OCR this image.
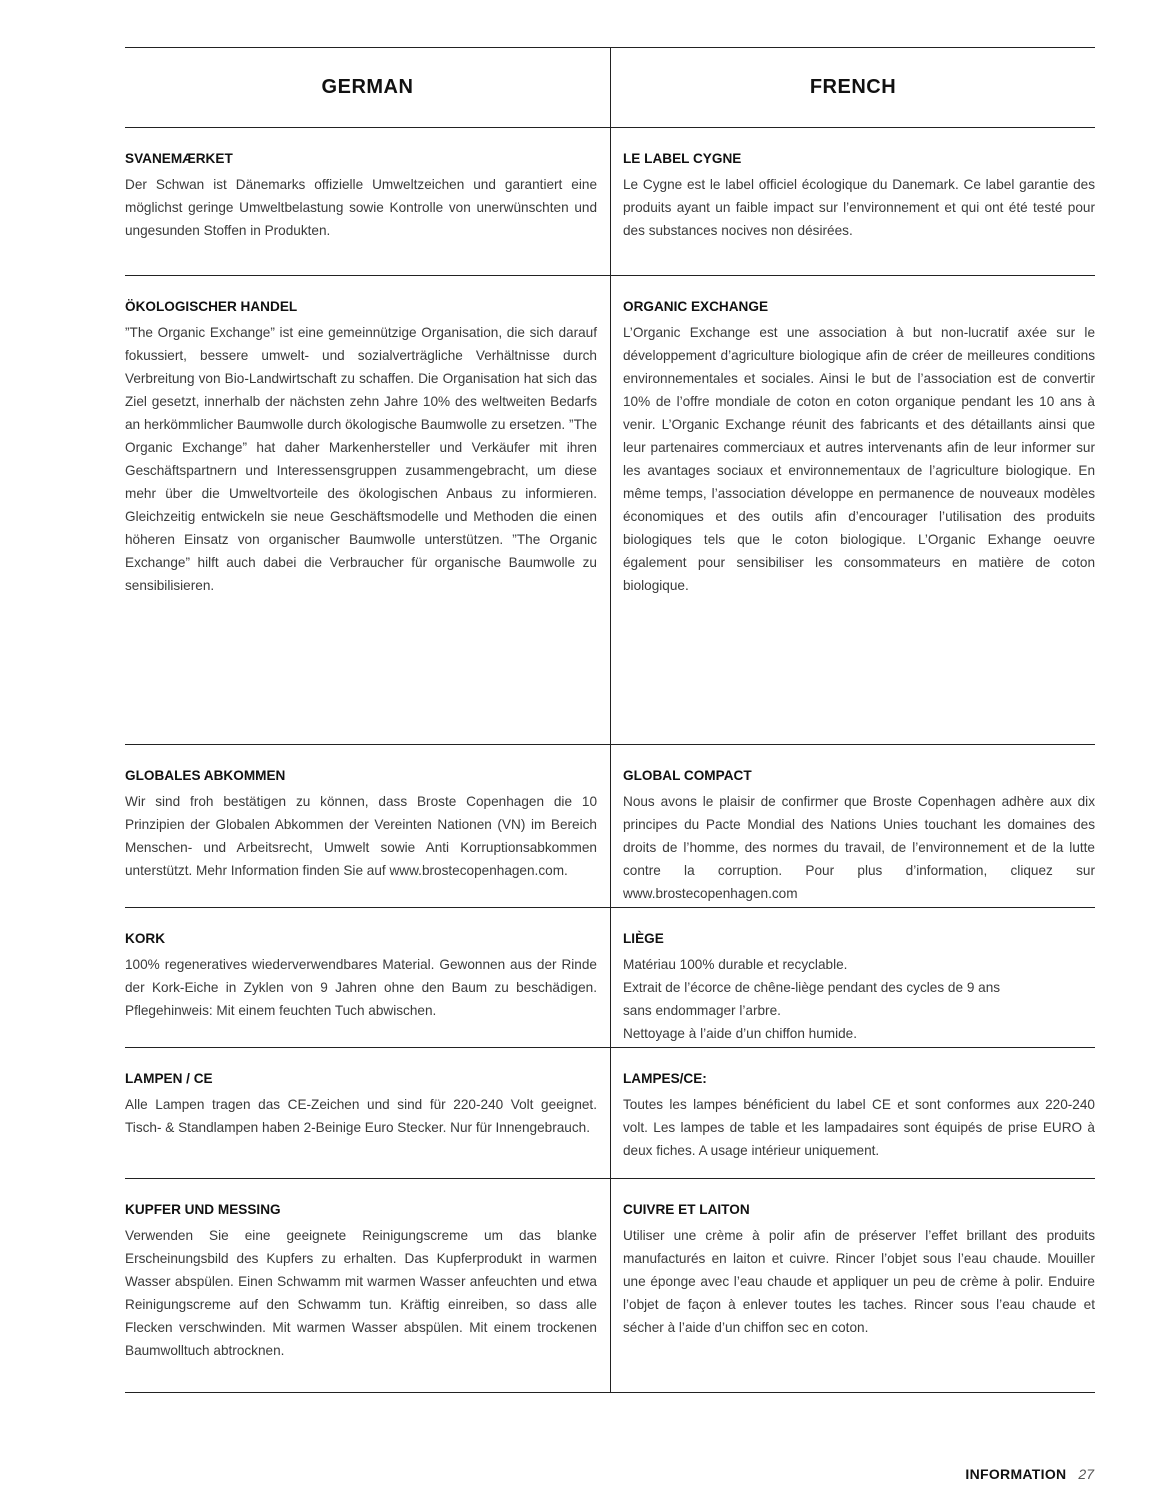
GERMAN	FRENCH
SVANEMÆRKET
Der Schwan ist Dänemarks offizielle Umweltzeichen und garantiert eine möglichst geringe Umweltbelastung sowie Kontrolle von unerwünschten und ungesunden Stoffen in Produkten.
LE LABEL CYGNE
Le Cygne est le label officiel écologique du Danemark. Ce label garantie des produits ayant un faible impact sur l’environnement et qui ont été testé pour des substances nocives non désirées.
ÖKOLOGISCHER HANDEL
”The Organic Exchange” ist eine gemeinnützige Organisation, die sich darauf fokussiert, bessere umwelt- und sozialverträgliche Verhältnisse durch Verbreitung von Bio-Landwirtschaft zu schaffen. Die Organisation hat sich das Ziel gesetzt, innerhalb der nächsten zehn Jahre 10% des weltweiten Bedarfs an herkömmlicher Baumwolle durch ökologische Baumwolle zu ersetzen. ”The Organic Exchange” hat daher Markenhersteller und Verkäufer mit ihren Geschäftspartnern und Interessensgruppen zusammengebracht, um diese mehr über die Umweltvorteile des ökologischen Anbaus zu informieren. Gleichzeitig entwickeln sie neue Geschäftsmodelle und Methoden die einen höheren Einsatz von organischer Baumwolle unterstützen. ”The Organic Exchange” hilft auch dabei die Verbraucher für organische Baumwolle zu sensibilisieren.
ORGANIC EXCHANGE
L’Organic Exchange est une association à but non-lucratif axée sur le développement d’agriculture biologique afin de créer de meilleures conditions environnementales et sociales. Ainsi le but de l’association est de convertir 10% de l’offre mondiale de coton en coton organique pendant les 10 ans à venir. L’Organic Exchange réunit des fabricants et des détaillants ainsi que leur partenaires commerciaux et autres intervenants afin de leur informer sur les avantages sociaux et environnementaux de l’agriculture biologique. En même temps, l’association développe en permanence de nouveaux modèles économiques et des outils afin d’encourager l’utilisation des produits biologiques tels que le coton biologique. L’Organic Exhange oeuvre également pour sensibiliser les consommateurs en matière de coton biologique.
GLOBALES ABKOMMEN
Wir sind froh bestätigen zu können, dass Broste Copenhagen die 10 Prinzipien der Globalen Abkommen der Vereinten Nationen (VN) im Bereich Menschen- und Arbeitsrecht, Umwelt sowie Anti Korruptionsabkommen unterstützt. Mehr Information finden Sie auf www.brostecopenhagen.com.
GLOBAL COMPACT
Nous avons le plaisir de confirmer que Broste Copenhagen adhère aux dix principes du Pacte Mondial des Nations Unies touchant les domaines des droits de l’homme, des normes du travail, de l’environnement et de la lutte contre la corruption. Pour plus d’information, cliquez sur www.brostecopenhagen.com
KORK
100% regeneratives wiederverwendbares Material. Gewonnen aus der Rinde der Kork-Eiche in Zyklen von 9 Jahren ohne den Baum zu beschädigen. Pflegehinweis: Mit einem feuchten Tuch abwischen.
LIÈGE
Matériau 100% durable et recyclable.
Extrait de l’écorce de chêne-liège pendant des cycles de 9 ans
sans endommager l’arbre.
Nettoyage à l’aide d’un chiffon humide.
LAMPEN / CE
Alle Lampen tragen das CE-Zeichen und sind für 220-240 Volt geeignet. Tisch- & Standlampen haben 2-Beinige Euro Stecker. Nur für Innengebrauch.
LAMPES/CE:
Toutes les lampes bénéficient du label CE et sont conformes aux 220-240 volt. Les lampes de table et les lampadaires sont équipés de prise EURO à deux fiches. A usage intérieur uniquement.
KUPFER UND MESSING
Verwenden Sie eine geeignete Reinigungscreme um das blanke Erscheinungsbild des Kupfers zu erhalten. Das Kupferprodukt in warmen Wasser abspülen. Einen Schwamm mit warmen Wasser anfeuchten und etwa Reinigungscreme auf den Schwamm tun. Kräftig einreiben, so dass alle Flecken verschwinden. Mit warmen Wasser abspülen. Mit einem trockenen Baumwolltuch abtrocknen.
CUIVRE ET LAITON
Utiliser une crème à polir afin de préserver l’effet brillant des produits manufacturés en laiton et cuivre. Rincer l’objet sous l’eau chaude. Mouiller une éponge avec l’eau chaude et appliquer un peu de crème à polir. Enduire l’objet de façon à enlever toutes les taches. Rincer sous l’eau chaude et sécher à l’aide d’un chiffon sec en coton.
INFORMATION 27
